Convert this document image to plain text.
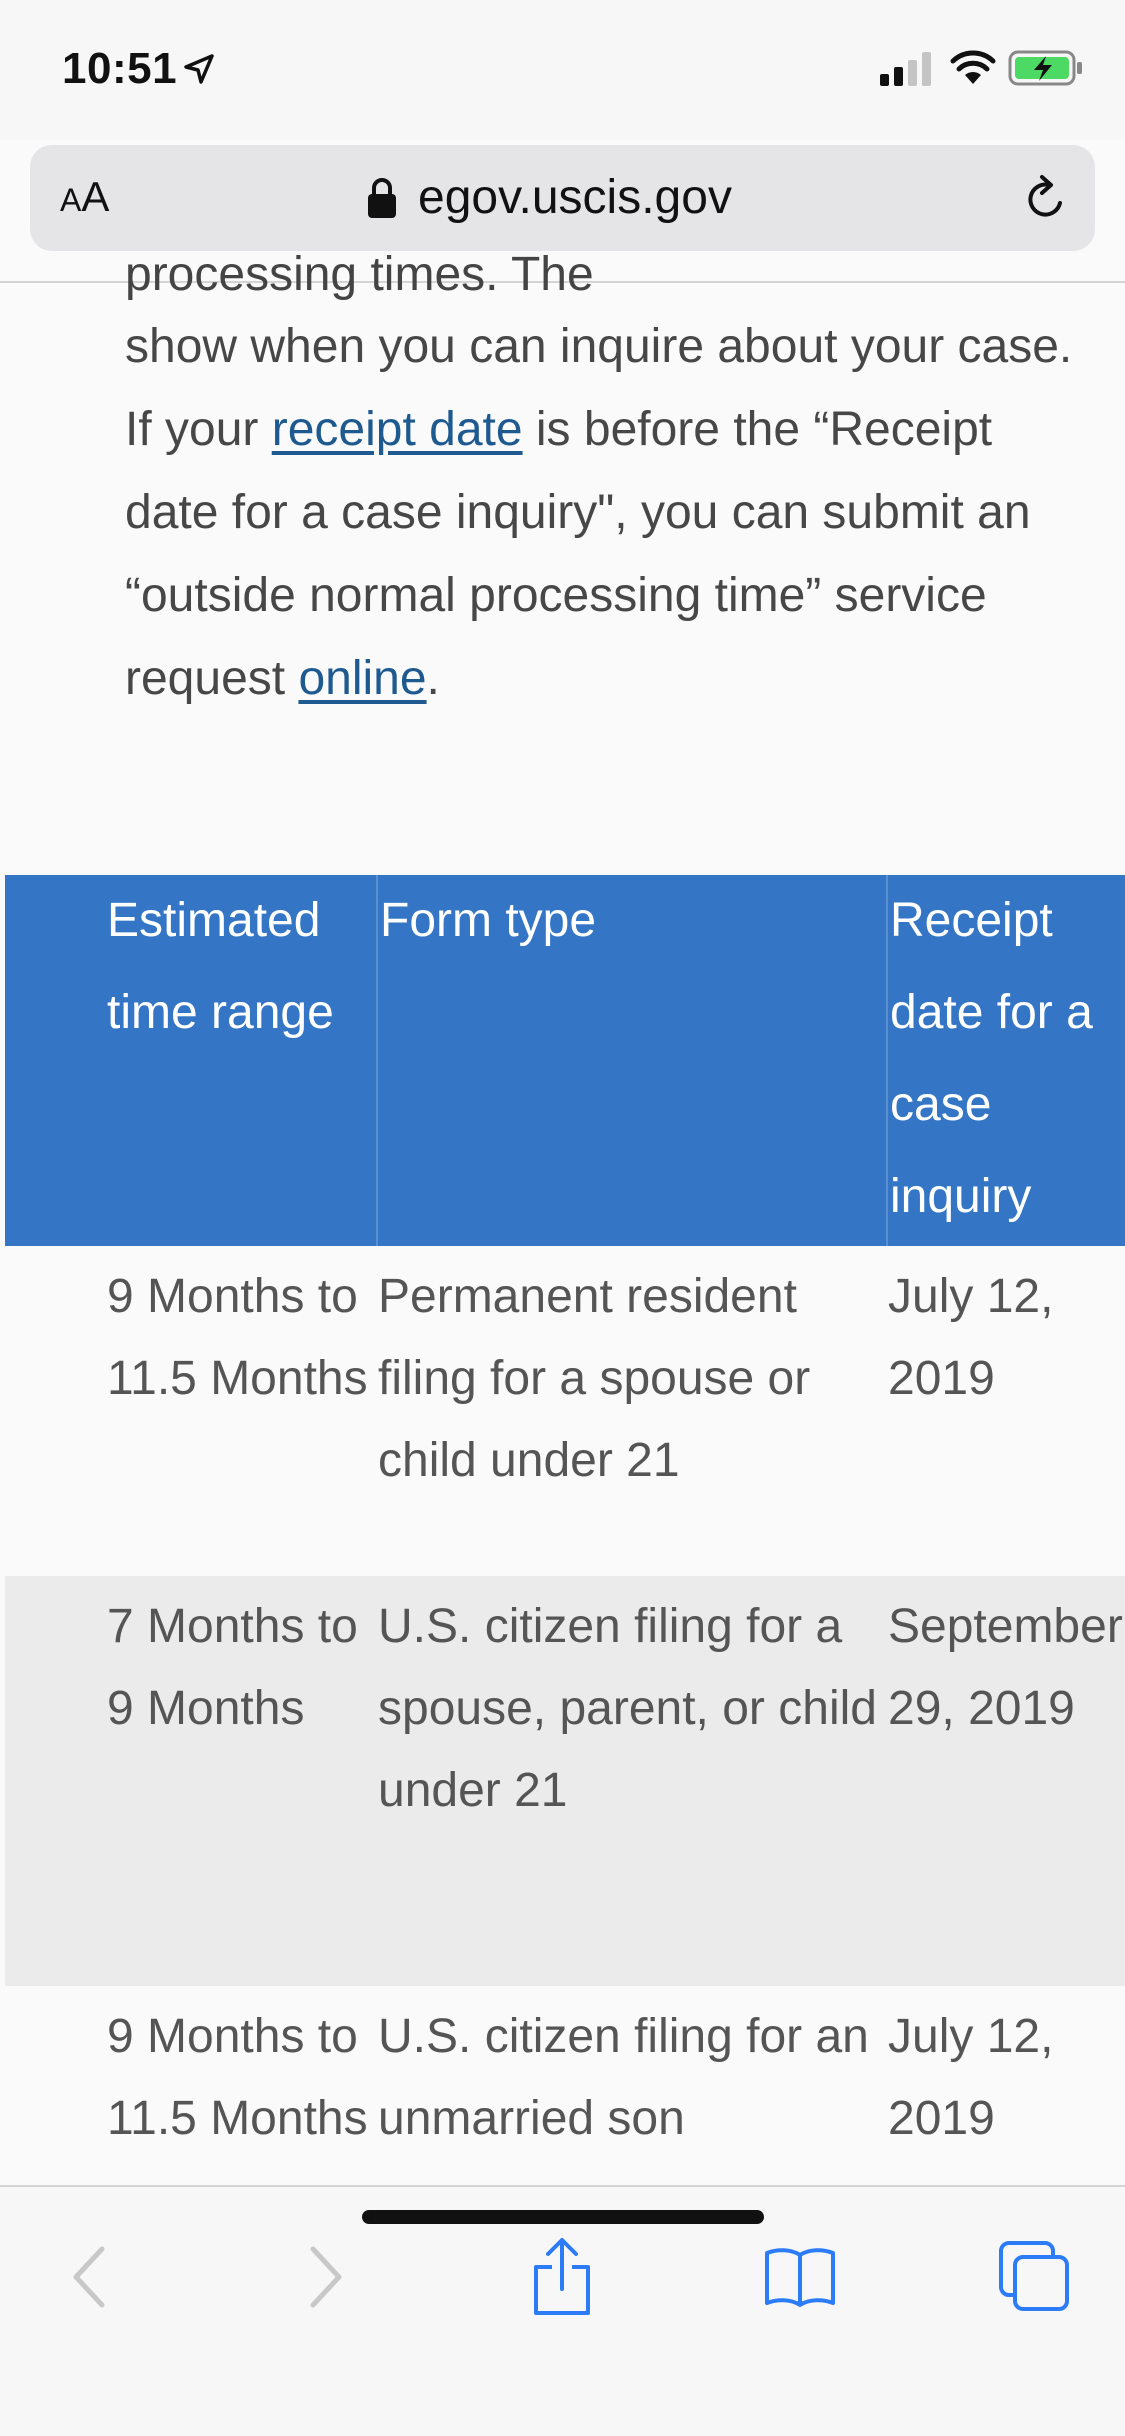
10:51
AA	egov.uscis.gov
processing times. The

show when you can inquire about your case. If your receipt date is before the “Receipt date for a case inquiry", you can submit an “outside normal processing time” service request online.

Estimated time range
Form type	Receipt date for a case inquiry
9 Months to 11.5 Months
Permanent resident filing for a spouse or child under 21
July 12, 2019
7 Months to 9 Months
U.S. citizen filing for a spouse, parent, or child under 21
September 29, 2019
9 Months to 11.5 Months
U.S. citizen filing for an unmarried son
July 12, 2019
